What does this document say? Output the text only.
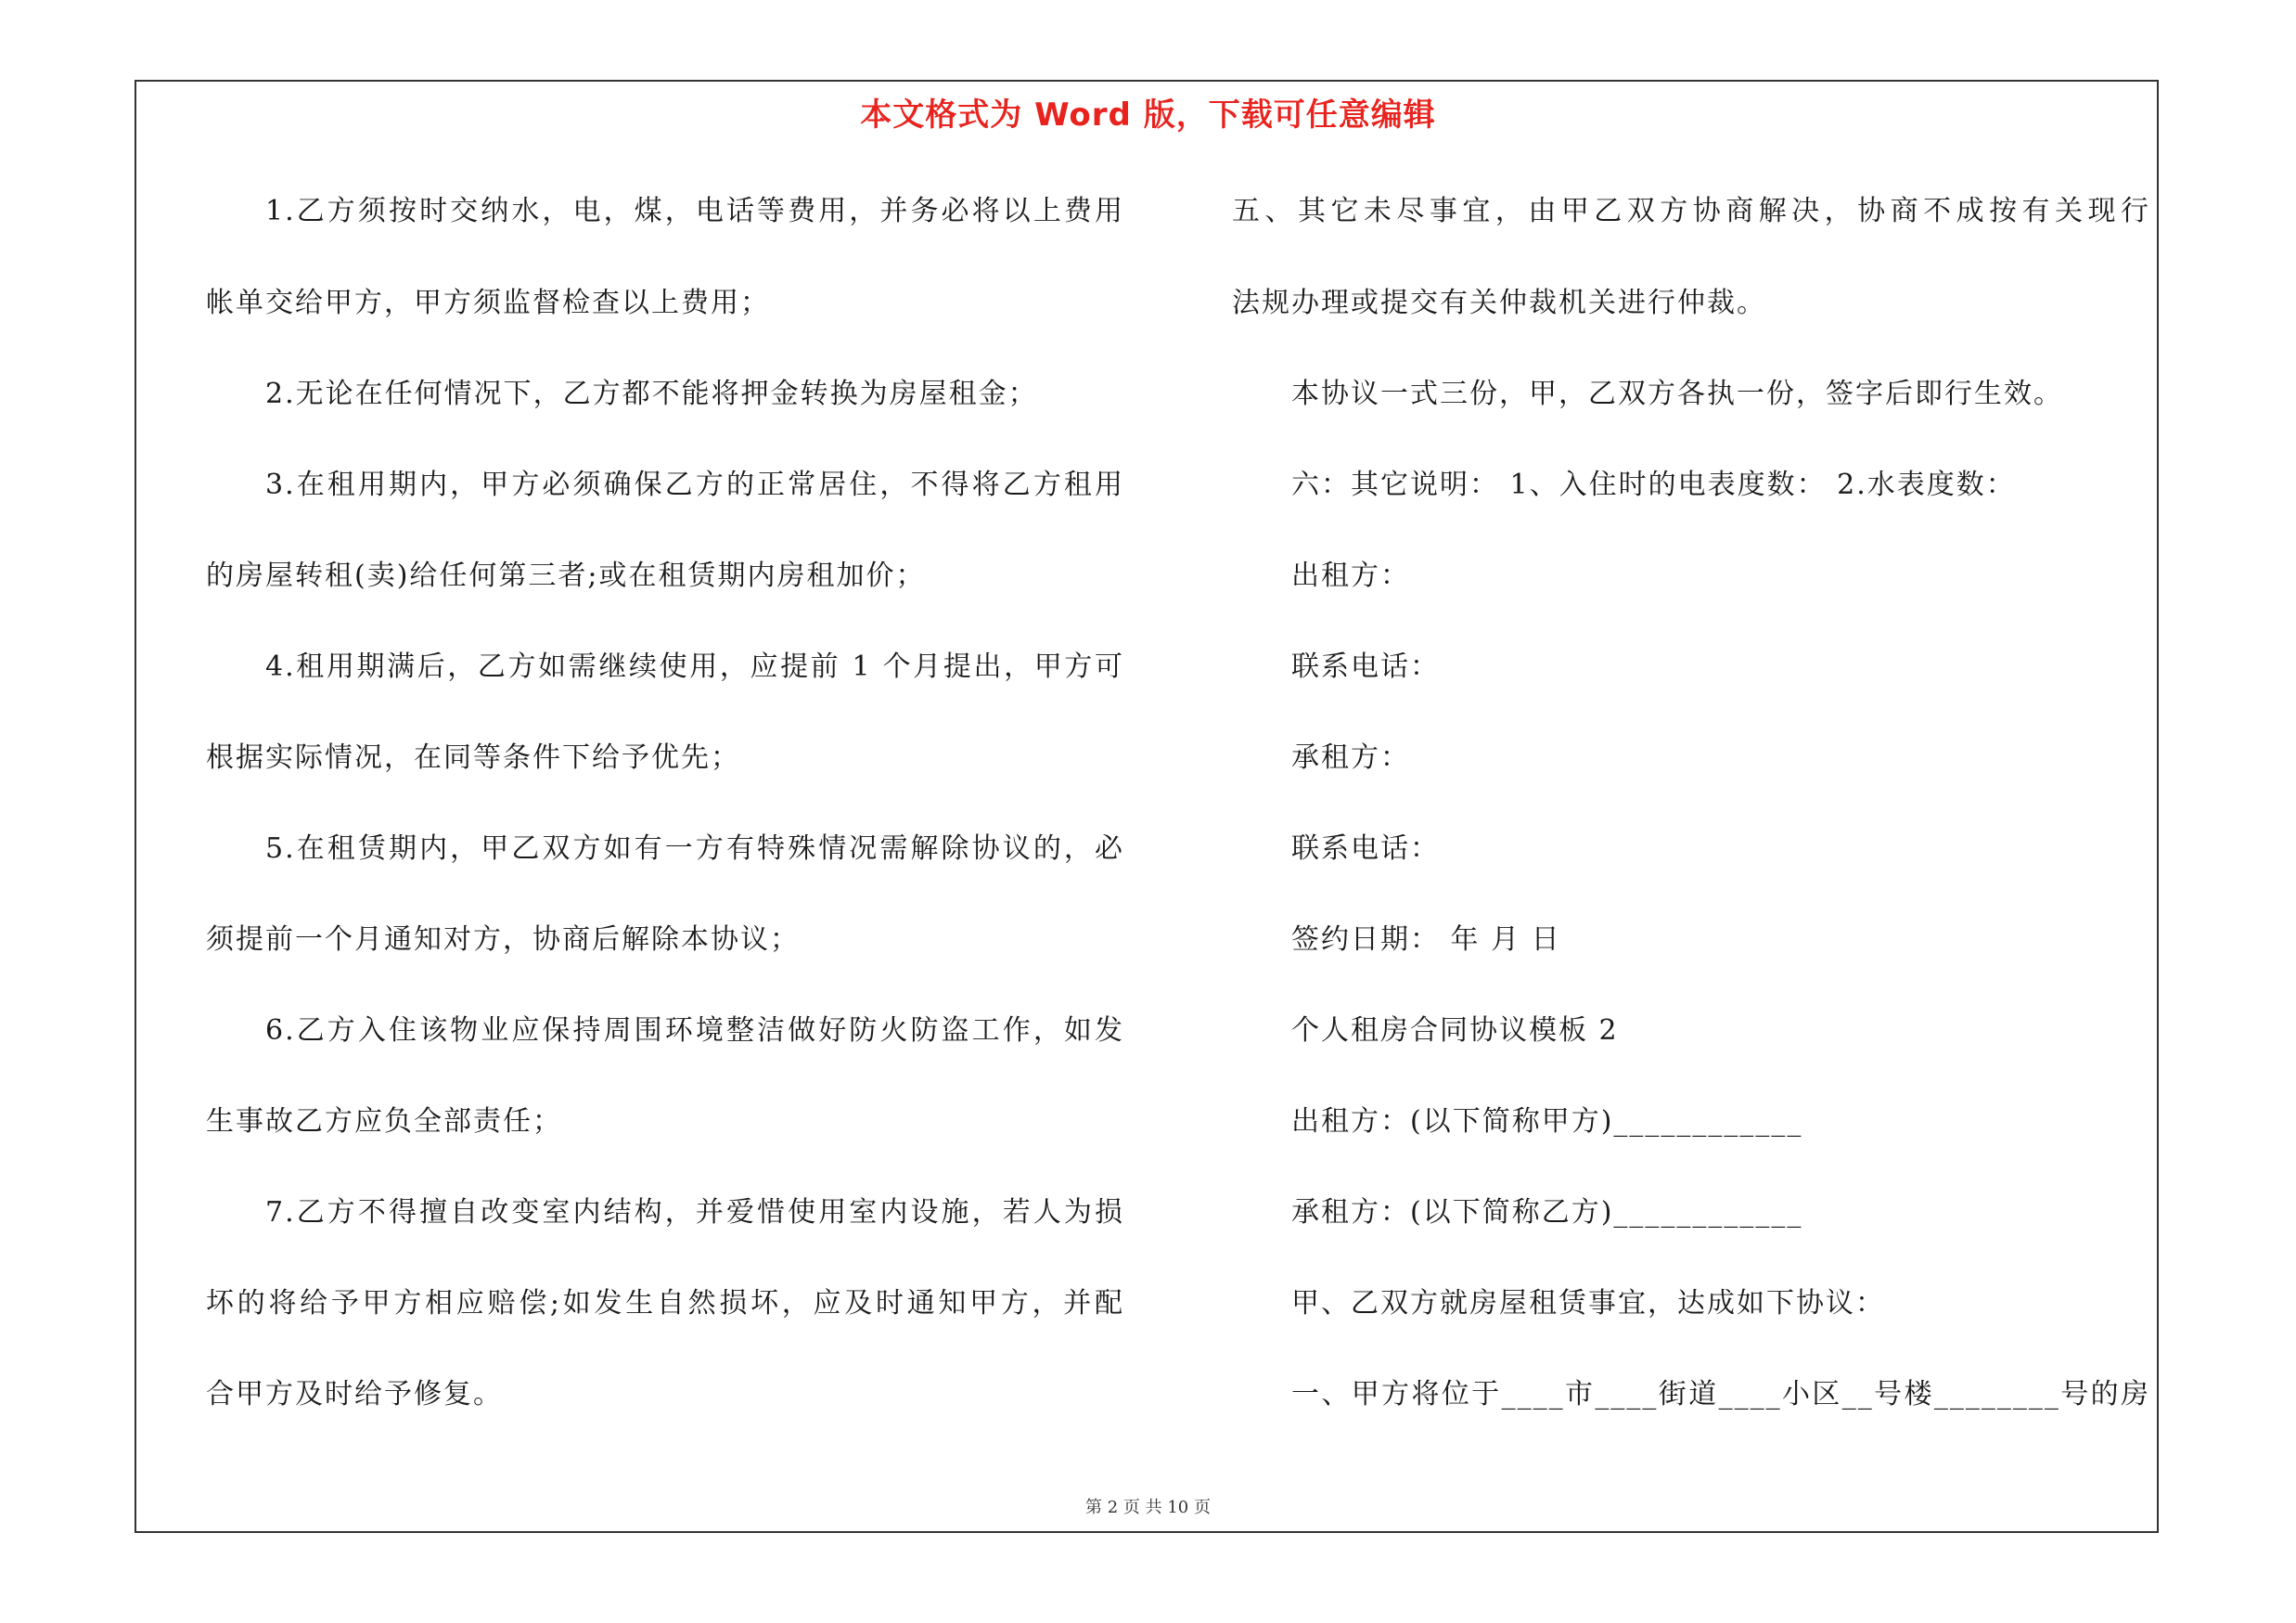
本文格式为 Word 版，下载可任意编辑
1.乙方须按时交纳水，电，煤，电话等费用，并务必将以上费用
帐单交给甲方，甲方须监督检查以上费用；
2.无论在任何情况下，乙方都不能将押金转换为房屋租金；
3.在租用期内，甲方必须确保乙方的正常居住，不得将乙方租用
的房屋转租(卖)给任何第三者;或在租赁期内房租加价；
4.租用期满后，乙方如需继续使用，应提前 1 个月提出，甲方可
根据实际情况，在同等条件下给予优先；
5.在租赁期内，甲乙双方如有一方有特殊情况需解除协议的，必
须提前一个月通知对方，协商后解除本协议；
6.乙方入住该物业应保持周围环境整洁做好防火防盗工作，如发
生事故乙方应负全部责任；
7.乙方不得擅自改变室内结构，并爱惜使用室内设施，若人为损
坏的将给予甲方相应赔偿;如发生自然损坏，应及时通知甲方，并配
合甲方及时给予修复。
五、其它未尽事宜，由甲乙双方协商解决，协商不成按有关现行
法规办理或提交有关仲裁机关进行仲裁。
本协议一式三份，甲，乙双方各执一份，签字后即行生效。
六：其它说明： 1、入住时的电表度数： 2.水表度数：
出租方：
联系电话：
承租方：
联系电话：
签约日期： 年 月 日
个人租房合同协议模板 2
出租方：(以下简称甲方)____________
承租方：(以下简称乙方)____________
甲、乙双方就房屋租赁事宜，达成如下协议：
一、甲方将位于____市____街道____小区__号楼________号的房
第 2 页 共 10 页
